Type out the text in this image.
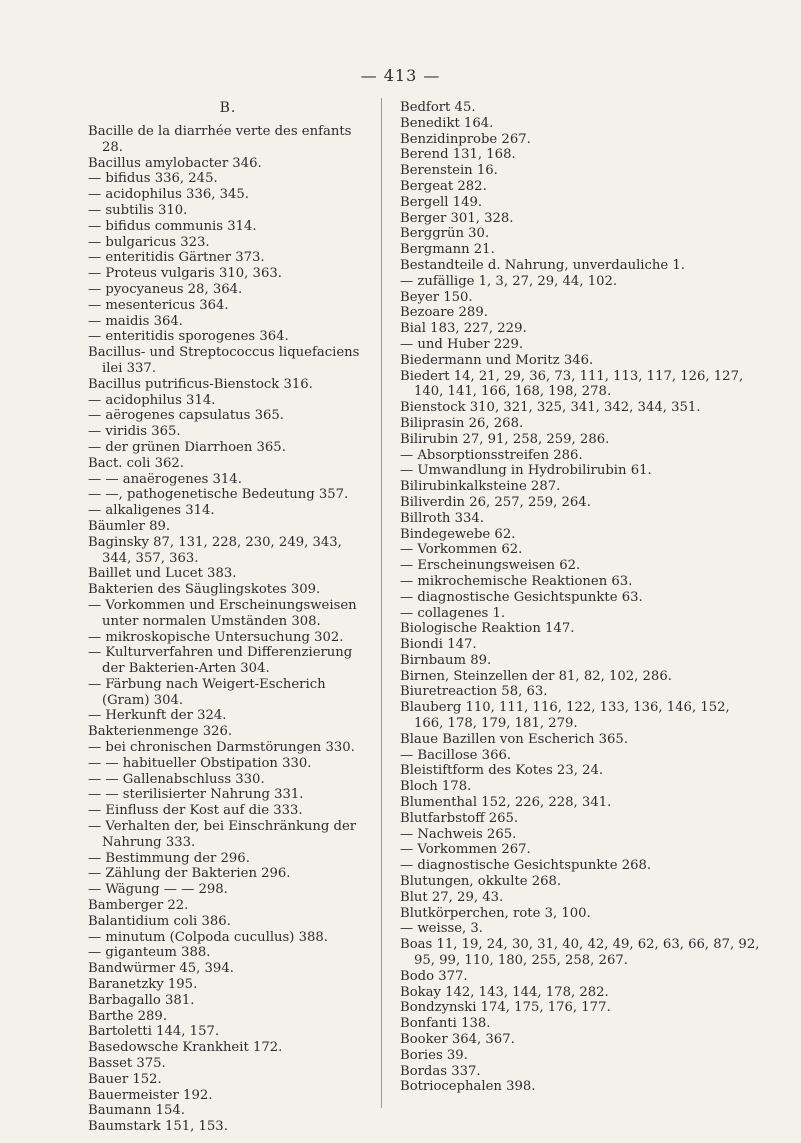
— 413 —
B.
Bacille de la diarrhée verte des enfants 28.
Bacillus amylobacter 346.
— bifidus 336, 245.
— acidophilus 336, 345.
— subtilis 310.
— bifidus communis 314.
— bulgaricus 323.
— enteritidis Gärtner 373.
— Proteus vulgaris 310, 363.
— pyocyaneus 28, 364.
— mesentericus 364.
— maidis 364.
— enteritidis sporogenes 364.
Bacillus- und Streptococcus liquefaciens ilei 337.
Bacillus putrificus-Bienstock 316.
— acidophilus 314.
— aërogenes capsulatus 365.
— viridis 365.
— der grünen Diarrhoen 365.
Bact. coli 362.
— — anaërogenes 314.
— —, pathogenetische Bedeutung 357.
— alkaligenes 314.
Bäumler 89.
Baginsky 87, 131, 228, 230, 249, 343, 344, 357, 363.
Baillet und Lucet 383.
Bakterien des Säuglingskotes 309.
— Vorkommen und Erscheinungsweisen unter normalen Umständen 308.
— mikroskopische Untersuchung 302.
— Kulturverfahren und Differenzierung der Bakterien-Arten 304.
— Färbung nach Weigert-Escherich (Gram) 304.
— Herkunft der 324.
Bakterienmenge 326.
— bei chronischen Darmstörungen 330.
— — habitueller Obstipation 330.
— — Gallenabschluss 330.
— — sterilisierter Nahrung 331.
— Einfluss der Kost auf die 333.
— Verhalten der, bei Einschränkung der Nahrung 333.
— Bestimmung der 296.
— Zählung der Bakterien 296.
— Wägung — — 298.
Bamberger 22.
Balantidium coli 386.
— minutum (Colpoda cucullus) 388.
— giganteum 388.
Bandwürmer 45, 394.
Baranetzky 195.
Barbagallo 381.
Barthe 289.
Bartoletti 144, 157.
Basedowsche Krankheit 172.
Basset 375.
Bauer 152.
Bauermeister 192.
Baumann 154.
Baumstark 151, 153.
Bedfort 45.
Benedikt 164.
Benzidinprobe 267.
Berend 131, 168.
Berenstein 16.
Bergeat 282.
Bergell 149.
Berger 301, 328.
Berggrün 30.
Bergmann 21.
Bestandteile d. Nahrung, unverdauliche 1.
— zufällige 1, 3, 27, 29, 44, 102.
Beyer 150.
Bezoare 289.
Bial 183, 227, 229.
— und Huber 229.
Biedermann und Moritz 346.
Biedert 14, 21, 29, 36, 73, 111, 113, 117, 126, 127, 140, 141, 166, 168, 198, 278.
Bienstock 310, 321, 325, 341, 342, 344, 351.
Biliprasin 26, 268.
Bilirubin 27, 91, 258, 259, 286.
— Absorptionsstreifen 286.
— Umwandlung in Hydrobilirubin 61.
Bilirubinkalksteine 287.
Biliverdin 26, 257, 259, 264.
Billroth 334.
Bindegewebe 62.
— Vorkommen 62.
— Erscheinungsweisen 62.
— mikrochemische Reaktionen 63.
— diagnostische Gesichtspunkte 63.
— collagenes 1.
Biologische Reaktion 147.
Biondi 147.
Birnbaum 89.
Birnen, Steinzellen der 81, 82, 102, 286.
Biuretreaction 58, 63.
Blauberg 110, 111, 116, 122, 133, 136, 146, 152, 166, 178, 179, 181, 279.
Blaue Bazillen von Escherich 365.
— Bacillose 366.
Bleistiftform des Kotes 23, 24.
Bloch 178.
Blumenthal 152, 226, 228, 341.
Blutfarbstoff 265.
— Nachweis 265.
— Vorkommen 267.
— diagnostische Gesichtspunkte 268.
Blutungen, okkulte 268.
Blut 27, 29, 43.
Blutkörperchen, rote 3, 100.
— weisse, 3.
Boas 11, 19, 24, 30, 31, 40, 42, 49, 62, 63, 66, 87, 92, 95, 99, 110, 180, 255, 258, 267.
Bodo 377.
Bokay 142, 143, 144, 178, 282.
Bondzynski 174, 175, 176, 177.
Bonfanti 138.
Booker 364, 367.
Bories 39.
Bordas 337.
Botriocephalen 398.
